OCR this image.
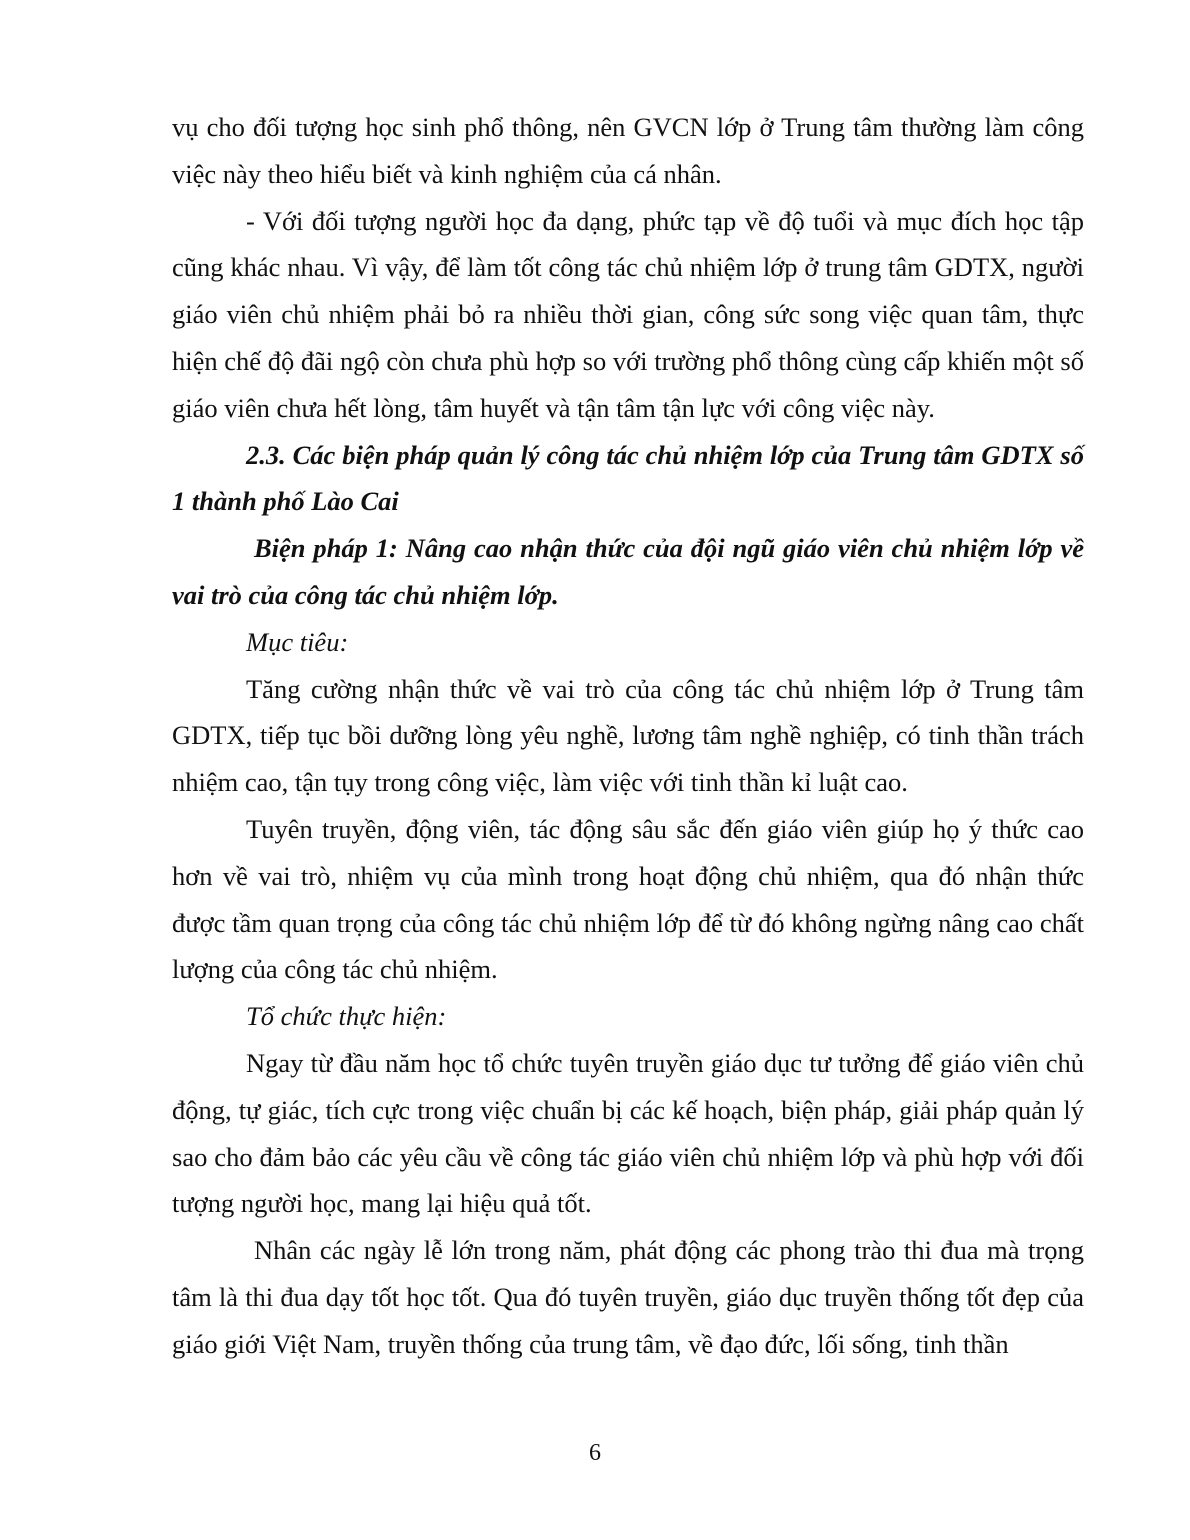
vụ cho đối tượng học sinh phổ thông, nên GVCN lớp ở Trung tâm thường làm công việc này theo hiểu biết và kinh nghiệm của cá nhân.

- Với đối tượng người học đa dạng, phức tạp về độ tuổi và mục đích học tập cũng khác nhau. Vì vậy, để làm tốt công tác chủ nhiệm lớp ở trung tâm GDTX, người giáo viên chủ nhiệm phải bỏ ra nhiều thời gian, công sức song việc quan tâm, thực hiện chế độ đãi ngộ còn chưa phù hợp so với trường phổ thông cùng cấp khiến một số giáo viên chưa hết lòng, tâm huyết và tận tâm tận lực với công việc này.

2.3. Các biện pháp quản lý công tác chủ nhiệm lớp của Trung tâm GDTX số 1 thành phố Lào Cai

Biện pháp 1: Nâng cao nhận thức của đội ngũ giáo viên chủ nhiệm lớp về vai trò của công tác chủ nhiệm lớp.

Mục tiêu:

Tăng cường nhận thức về vai trò của công tác chủ nhiệm lớp ở Trung tâm GDTX, tiếp tục bồi dưỡng lòng yêu nghề, lương tâm nghề nghiệp, có tinh thần trách nhiệm cao, tận tụy trong công việc, làm việc với tinh thần kỉ luật cao.

Tuyên truyền, động viên, tác động sâu sắc đến giáo viên giúp họ ý thức cao hơn về vai trò, nhiệm vụ của mình trong hoạt động chủ nhiệm, qua đó nhận thức được tầm quan trọng của công tác chủ nhiệm lớp để từ đó không ngừng nâng cao chất lượng của công tác chủ nhiệm.

Tổ chức thực hiện:

Ngay từ đầu năm học tổ chức tuyên truyền giáo dục tư tưởng để giáo viên chủ động, tự giác, tích cực trong việc chuẩn bị các kế hoạch, biện pháp, giải pháp quản lý sao cho đảm bảo các yêu cầu về công tác giáo viên chủ nhiệm lớp và phù hợp với đối tượng người học, mang lại hiệu quả tốt.

Nhân các ngày lễ lớn trong năm, phát động các phong trào thi đua mà trọng tâm là thi đua dạy tốt học tốt. Qua đó tuyên truyền, giáo dục truyền thống tốt đẹp của giáo giới Việt Nam, truyền thống của trung tâm, về đạo đức, lối sống, tinh thần

6
